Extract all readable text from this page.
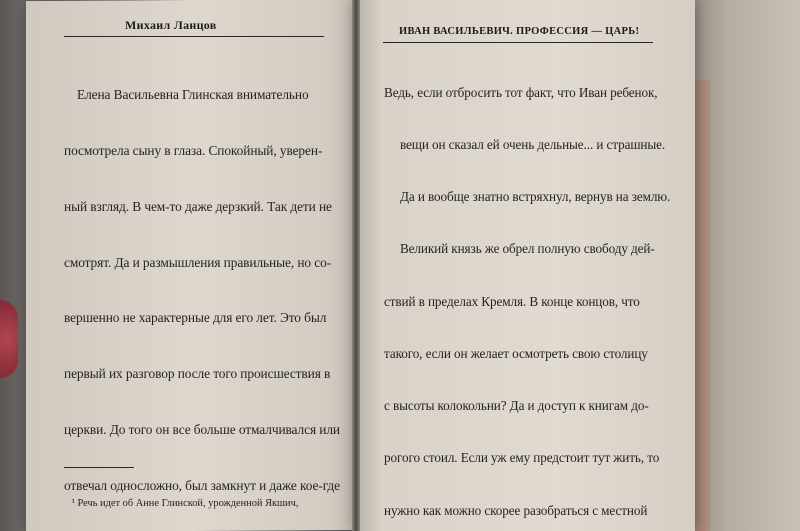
Михаил Ланцов	ИВАН ВАСИЛЬЕВИЧ. ПРОФЕССИЯ — ЦАРЬ!

Елена Васильевна Глинская внимательно

посмотрела сыну в глаза. Спокойный, уверен-

ный взгляд. В чем-то даже дерзкий. Так дети не

смотрят. Да и размышления правильные, но со-

вершенно не характерные для его лет. Это был

первый их разговор после того происшествия в

церкви. До того он все больше отмалчивался или

отвечал односложно, был замкнут и даже кое-где

¹ Речь идет об Анне Глинской, урожденной Якшич,

Ведь, если отбросить тот факт, что Иван ребенок,

вещи он сказал ей очень дельные... и страшные.

Да и вообще знатно встряхнул, вернув на землю.

Великий князь же обрел полную свободу дей-

ствий в пределах Кремля. В конце концов, что

такого, если он желает осмотреть свою столицу

с высоты колокольни? Да и доступ к книгам до-

рогого стоил. Если уж ему предстоит тут жить, то

нужно как можно скорее разобраться с местной
